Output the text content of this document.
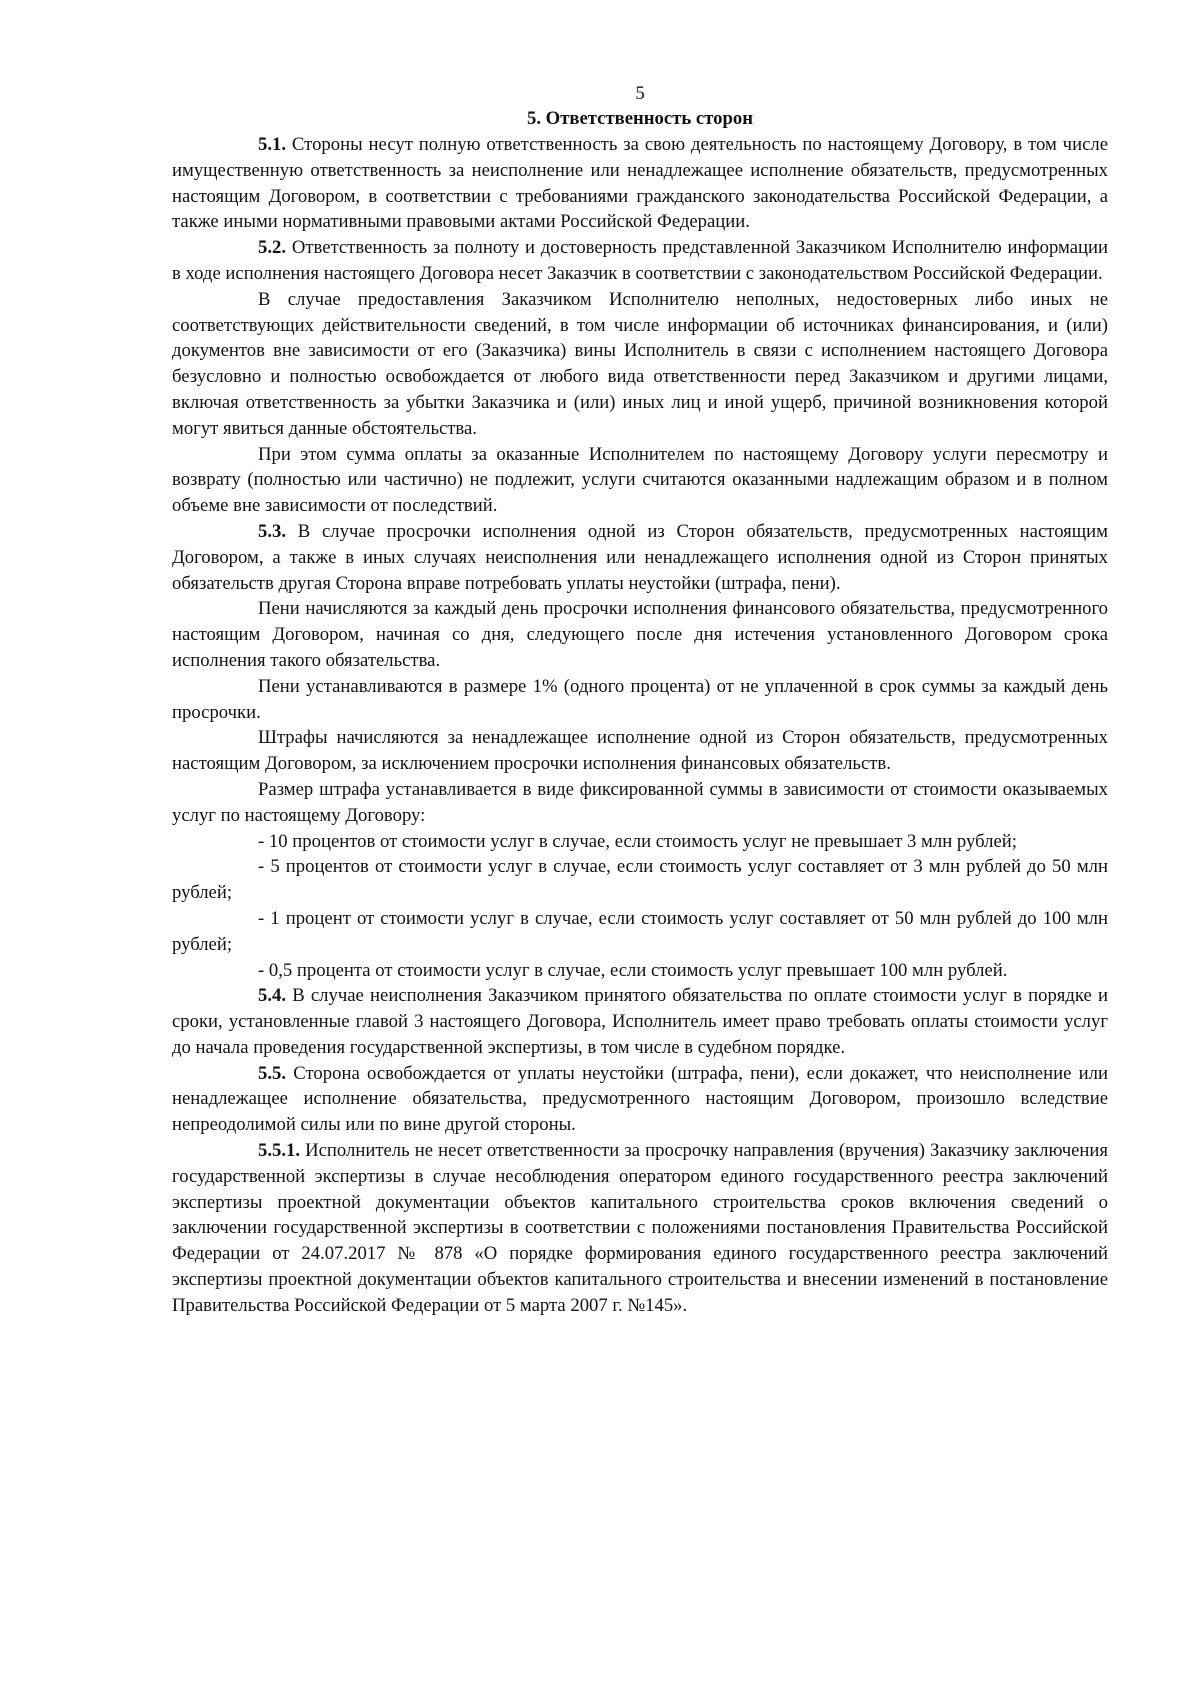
5
5. Ответственность сторон

5.1. Стороны несут полную ответственность за свою деятельность по настоящему Договору, в том числе имущественную ответственность за неисполнение или ненадлежащее исполнение обязательств, предусмотренных настоящим Договором, в соответствии с требованиями гражданского законодательства Российской Федерации, а также иными нормативными правовыми актами Российской Федерации.

5.2. Ответственность за полноту и достоверность представленной Заказчиком Исполнителю информации в ходе исполнения настоящего Договора несет Заказчик в соответствии с законодательством Российской Федерации.

В случае предоставления Заказчиком Исполнителю неполных, недостоверных либо иных не соответствующих действительности сведений, в том числе информации об источниках финансирования, и (или) документов вне зависимости от его (Заказчика) вины Исполнитель в связи с исполнением настоящего Договора безусловно и полностью освобождается от любого вида ответственности перед Заказчиком и другими лицами, включая ответственность за убытки Заказчика и (или) иных лиц и иной ущерб, причиной возникновения которой могут явиться данные обстоятельства.

При этом сумма оплаты за оказанные Исполнителем по настоящему Договору услуги пересмотру и возврату (полностью или частично) не подлежит, услуги считаются оказанными надлежащим образом и в полном объеме вне зависимости от последствий.

5.3. В случае просрочки исполнения одной из Сторон обязательств, предусмотренных настоящим Договором, а также в иных случаях неисполнения или ненадлежащего исполнения одной из Сторон принятых обязательств другая Сторона вправе потребовать уплаты неустойки (штрафа, пени).

Пени начисляются за каждый день просрочки исполнения финансового обязательства, предусмотренного настоящим Договором, начиная со дня, следующего после дня истечения установленного Договором срока исполнения такого обязательства.

Пени устанавливаются в размере 1% (одного процента) от не уплаченной в срок суммы за каждый день просрочки.

Штрафы начисляются за ненадлежащее исполнение одной из Сторон обязательств, предусмотренных настоящим Договором, за исключением просрочки исполнения финансовых обязательств.

Размер штрафа устанавливается в виде фиксированной суммы в зависимости от стоимости оказываемых услуг по настоящему Договору:

- 10 процентов от стоимости услуг в случае, если стоимость услуг не превышает 3 млн рублей;

- 5 процентов от стоимости услуг в случае, если стоимость услуг составляет от 3 млн рублей до 50 млн рублей;

- 1 процент от стоимости услуг в случае, если стоимость услуг составляет от 50 млн рублей до 100 млн рублей;

- 0,5 процента от стоимости услуг в случае, если стоимость услуг превышает 100 млн рублей.

5.4. В случае неисполнения Заказчиком принятого обязательства по оплате стоимости услуг в порядке и сроки, установленные главой 3 настоящего Договора, Исполнитель имеет право требовать оплаты стоимости услуг до начала проведения государственной экспертизы, в том числе в судебном порядке.

5.5. Сторона освобождается от уплаты неустойки (штрафа, пени), если докажет, что неисполнение или ненадлежащее исполнение обязательства, предусмотренного настоящим Договором, произошло вследствие непреодолимой силы или по вине другой стороны.

5.5.1. Исполнитель не несет ответственности за просрочку направления (вручения) Заказчику заключения государственной экспертизы в случае несоблюдения оператором единого государственного реестра заключений экспертизы проектной документации объектов капитального строительства сроков включения сведений о заключении государственной экспертизы в соответствии с положениями постановления Правительства Российской Федерации от 24.07.2017 № 878 «О порядке формирования единого государственного реестра заключений экспертизы проектной документации объектов капитального строительства и внесении изменений в постановление Правительства Российской Федерации от 5 марта 2007 г. №145».
